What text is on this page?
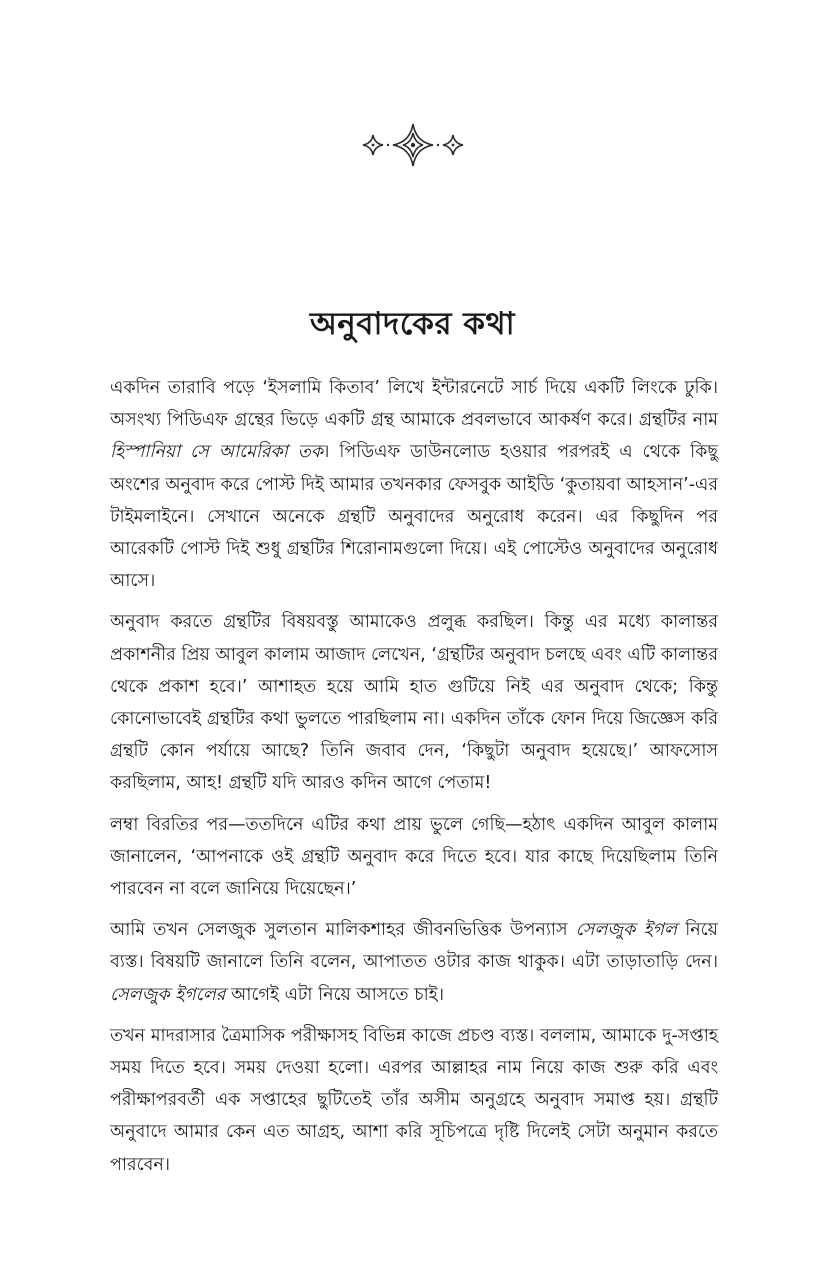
অনুবাদকের কথা

একদিন তারাবি পড়ে ‘ইসলামি কিতাব’ লিখে ইন্টারনেটে সার্চ দিয়ে একটি লিংকে ঢুকি। অসংখ্য পিডিএফ গ্রন্থের ভিড়ে একটি গ্রন্থ আমাকে প্রবলভাবে আকর্ষণ করে। গ্রন্থটির নাম হিস্পানিয়া সে আমেরিকা তক। পিডিএফ ডাউনলোড হওয়ার পরপরই এ থেকে কিছু অংশের অনুবাদ করে পোস্ট দিই আমার তখনকার ফেসবুক আইডি ‘কুতায়বা আহসান’-এর টাইমলাইনে। সেখানে অনেকে গ্রন্থটি অনুবাদের অনুরোধ করেন। এর কিছুদিন পর আরেকটি পোস্ট দিই শুধু গ্রন্থটির শিরোনামগুলো দিয়ে। এই পোস্টেও অনুবাদের অনুরোধ আসে।

অনুবাদ করতে গ্রন্থটির বিষয়বস্তু আমাকেও প্রলুব্ধ করছিল। কিন্তু এর মধ্যে কালান্তর প্রকাশনীর প্রিয় আবুল কালাম আজাদ লেখেন, ‘গ্রন্থটির অনুবাদ চলছে এবং এটি কালান্তর থেকে প্রকাশ হবে।’ আশাহত হয়ে আমি হাত গুটিয়ে নিই এর অনুবাদ থেকে; কিন্তু কোনোভাবেই গ্রন্থটির কথা ভুলতে পারছিলাম না। একদিন তাঁকে ফোন দিয়ে জিজ্ঞেস করি গ্রন্থটি কোন পর্যায়ে আছে? তিনি জবাব দেন, ‘কিছুটা অনুবাদ হয়েছে।’ আফসোস করছিলাম, আহ! গ্রন্থটি যদি আরও কদিন আগে পেতাম!

লম্বা বিরতির পর—ততদিনে এটির কথা প্রায় ভুলে গেছি—হঠাৎ একদিন আবুল কালাম জানালেন, ‘আপনাকে ওই গ্রন্থটি অনুবাদ করে দিতে হবে। যার কাছে দিয়েছিলাম তিনি পারবেন না বলে জানিয়ে দিয়েছেন।’

আমি তখন সেলজুক সুলতান মালিকশাহর জীবনভিত্তিক উপন্যাস সেলজুক ইগল নিয়ে ব্যস্ত। বিষয়টি জানালে তিনি বলেন, আপাতত ওটার কাজ থাকুক। এটা তাড়াতাড়ি দেন। সেলজুক ইগলের আগেই এটা নিয়ে আসতে চাই।

তখন মাদরাসার ত্রৈমাসিক পরীক্ষাসহ বিভিন্ন কাজে প্রচণ্ড ব্যস্ত। বললাম, আমাকে দু-সপ্তাহ সময় দিতে হবে। সময় দেওয়া হলো। এরপর আল্লাহর নাম নিয়ে কাজ শুরু করি এবং পরীক্ষাপরবর্তী এক সপ্তাহের ছুটিতেই তাঁর অসীম অনুগ্রহে অনুবাদ সমাপ্ত হয়। গ্রন্থটি অনুবাদে আমার কেন এত আগ্রহ, আশা করি সূচিপত্রে দৃষ্টি দিলেই সেটা অনুমান করতে পারবেন।
